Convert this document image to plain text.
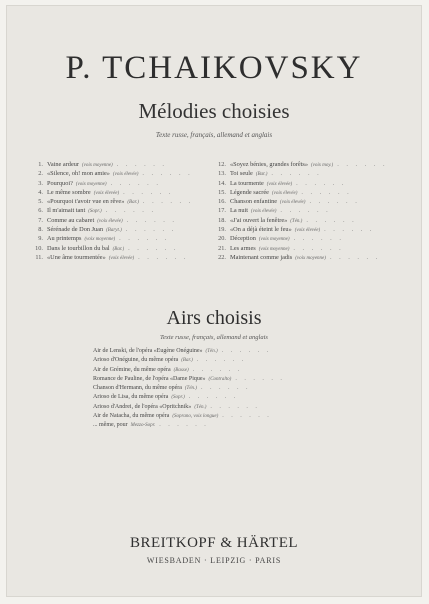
P. TCHAIKOVSKY
Mélodies choisies
Texte russe, français, allemand et anglais
1. Vaine ardeur (voix moyenne) . . . . . .
2. «Silence, oh! mon amie» (voix élevée) . . . . . .
3. Pourquoi? (voix moyenne) . . . . . .
4. Le même sombre (voix élevée) . . . . . .
5. «Pourquoi t'avoir vue en rêve» (Bar.) . . . . . .
6. Il m'aimait tant (Sopr.) . . . . . .
7. Comme au cabaret (voix élevée) . . . . . .
8. Sérénade de Don Juan (Baryt.) . . . . . .
9. Au printemps (voix moyenne) . . . . . .
10. Dans le tourbillon du bal (Bar.) . . . . . .
11. «Une âme tourmentée» (voix élevée) . . . . . .
12. «Soyez bénies, grandes forêts» (voix moy.) . . . . . .
13. Toi seule (Bar.) . . . . . .
14. La tourmente (voix élevée) . . . . . .
15. Légende sacrée (voix élevée) . . . . . .
16. Chanson enfantine (voix élevée) . . . . . .
17. La nuit (voix élevée) . . . . . .
18. «J'ai ouvert la fenêtre» (Tén.) . . . . . .
19. «On a déjà éteint le feu» (voix élevée) . . . . . .
20. Déception (voix moyenne) . . . . . .
21. Les armes (voix moyenne) . . . . . .
22. Maintenant comme jadis (voix moyenne) . . . . . .
Airs choisis
Texte russe, français, allemand et anglais
Air de Lenski, de l'opéra «Eugène Onéguine» (Tén.) . . . . . .
Arioso d'Onéguine, du même opéra (Bar.) . . . . . .
Air de Grémine, du même opéra (Basse) . . . . . .
Romance de Pauline, de l'opéra «Dame Pique» (Contralto) . . . . . .
Chanson d'Hermann, du même opéra (Tén.) . . . . . .
Arioso de Lisa, du même opéra (Sopr.) . . . . . .
Arioso d'Andrei, de l'opéra «Opritchnik» (Tén.) . . . . . .
Air de Natacha, du même opéra (Soprano, voix longue) . . . . . .
... même, pour Mezzo-Sopr. . . . . . .
BREITKOPF & HÄRTEL
WIESBADEN · LEIPZIG · PARIS
